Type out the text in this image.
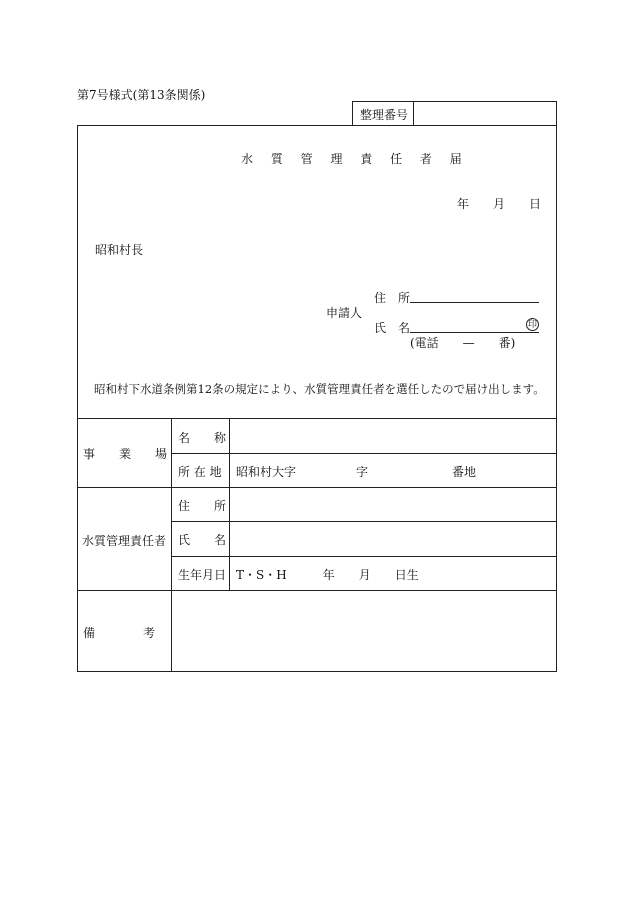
第7号様式(第13条関係)
整理番号
水 質 管 理 責 任 者 届
年 月 日
昭和村長
申請人
住　所
氏　名	印
(電話　　—　　番)
昭和村下水道条例第12条の規定により、水質管理責任者を選任したので届け出します。
事　　業　　場
名　　称
所 在 地 昭和村大字　　　　　字　　　　　　　番地
水質管理責任者
住　　所
氏　　名
生年月日 T・S・H　　　年　　月　　日生
備　　　　考
